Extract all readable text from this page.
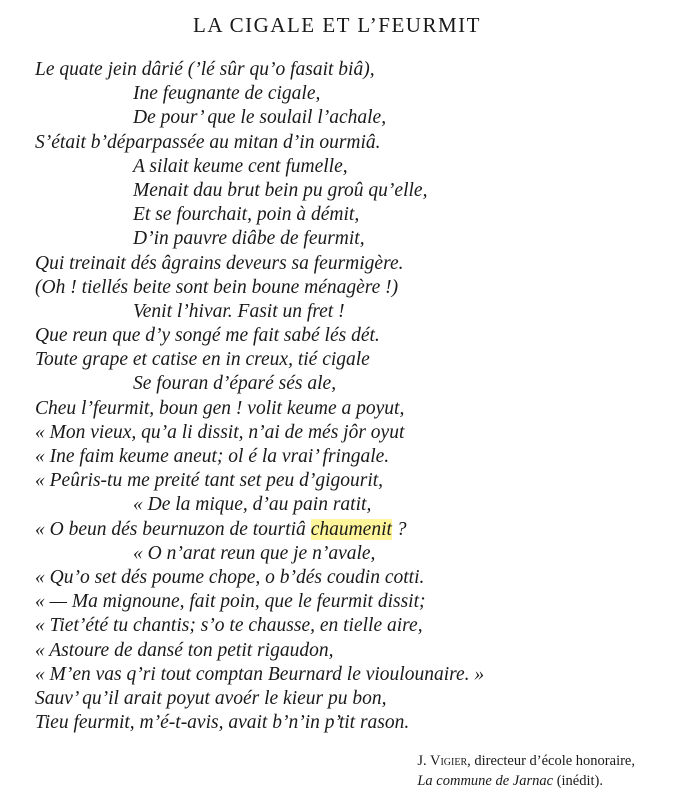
LA CIGALE ET L’FEURMIT
Le quate jein dârié (’lé sûr qu’o fasait biâ),
Ine feugnante de cigale,
De pour’ que le soulail l’achale,
S’était b’déparpassée au mitan d’in ourmiâ.
A silait keume cent fumelle,
Menait dau brut bein pu groû qu’elle,
Et se fourchait, poin à démit,
D’in pauvre diâbe de feurmit,
Qui treinait dés âgrains deveurs sa feurmigère.
(Oh ! tiellés beite sont bein boune ménagère !)
Venit l’hivar. Fasit un fret !
Que reun que d’y songé me fait sabé lés dét.
Toute grape et catise en in creux, tié cigale
Se fouran d’éparé sés ale,
Cheu l’feurmit, boun gen ! volit keume a poyut,
« Mon vieux, qu’a li dissit, n’ai de més jôr oyut
« Ine faim keume aneut; ol é la vrai’ fringale.
« Peûris-tu me preité tant set peu d’gigourit,
« De la mique, d’au pain ratit,
« O beun dés beurnuzon de tourtiâ chaumenit ?
« O n’arat reun que je n’avale,
« Qu’o set dés poume chope, o b’dés coudin cotti.
« — Ma mignoune, fait poin, que le feurmit dissit;
« Tiet’été tu chantis; s’o te chausse, en tielle aire,
« Astoure de dansé ton petit rigaudon,
« M’en vas q’ri tout comptan Beurnard le vioulounaire. »
Sauv’ qu’il arait poyut avoér le kieur pu bon,
Tieu feurmit, m’é-t-avis, avait b’n’in p’tit rason.
J. Vigier, directeur d’école honoraire,
La commune de Jarnac (inédit).
